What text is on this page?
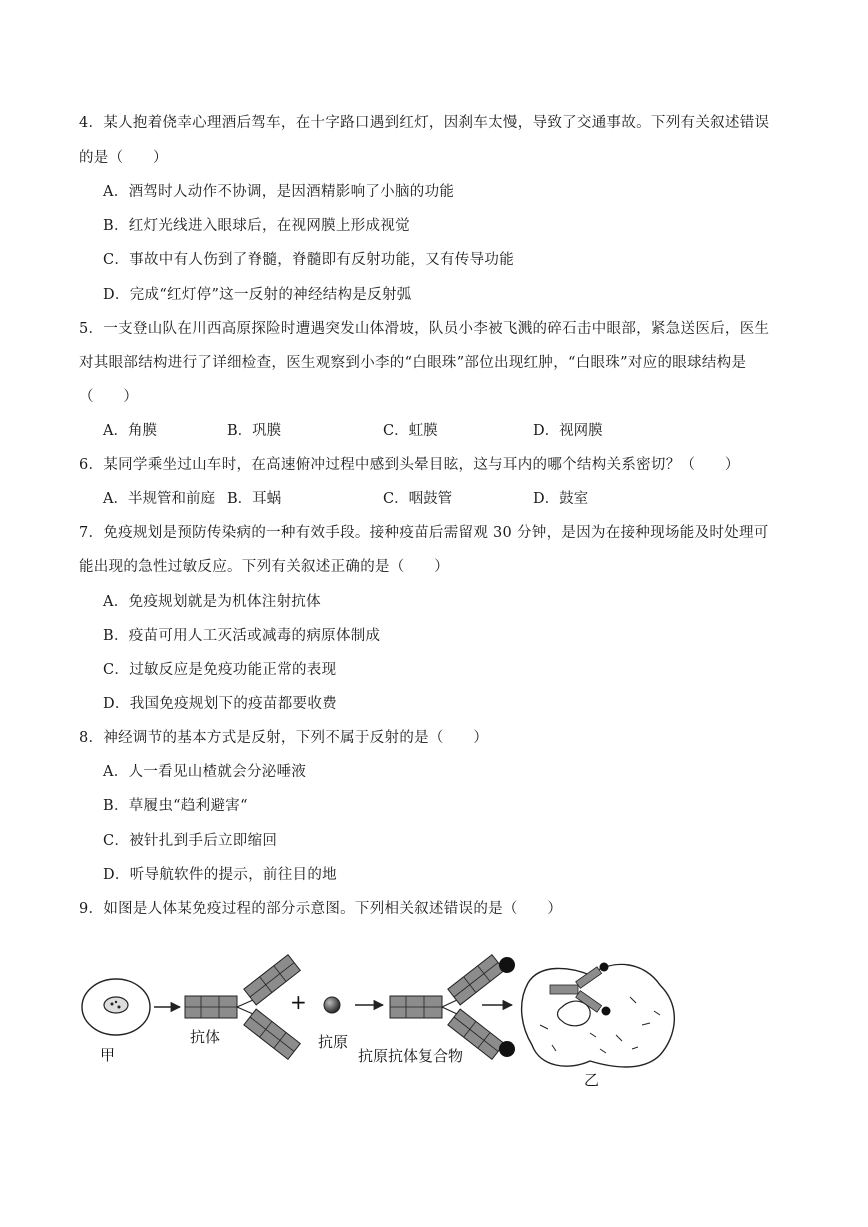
4．某人抱着侥幸心理酒后驾车，在十字路口遇到红灯，因刹车太慢，导致了交通事故。下列有关叙述错误
的是（　　）
A．酒驾时人动作不协调，是因酒精影响了小脑的功能
B．红灯光线进入眼球后，在视网膜上形成视觉
C．事故中有人伤到了脊髓，脊髓即有反射功能，又有传导功能
D．完成“红灯停”这一反射的神经结构是反射弧
5．一支登山队在川西高原探险时遭遇突发山体滑坡，队员小李被飞溅的碎石击中眼部，紧急送医后，医生
对其眼部结构进行了详细检查，医生观察到小李的“白眼珠”部位出现红肿，“白眼珠”对应的眼球结构是
（　　）
A．角膜	B．巩膜	C．虹膜	D．视网膜
6．某同学乘坐过山车时，在高速俯冲过程中感到头晕目眩，这与耳内的哪个结构关系密切？（　　）
A．半规管和前庭 B．耳蜗	C．咽鼓管	D．鼓室
7．免疫规划是预防传染病的一种有效手段。接种疫苗后需留观 30 分钟，是因为在接种现场能及时处理可
能出现的急性过敏反应。下列有关叙述正确的是（　　）
A．免疫规划就是为机体注射抗体
B．疫苗可用人工灭活或减毒的病原体制成
C．过敏反应是免疫功能正常的表现
D．我国免疫规划下的疫苗都要收费
8．神经调节的基本方式是反射，下列不属于反射的是（　　）
A．人一看见山楂就会分泌唾液
B．草履虫“趋利避害“
C．被针扎到手后立即缩回
D．听导航软件的提示，前往目的地
9．如图是人体某免疫过程的部分示意图。下列相关叙述错误的是（　　）
甲
抗体
+
抗原
抗原抗体复合物
乙
